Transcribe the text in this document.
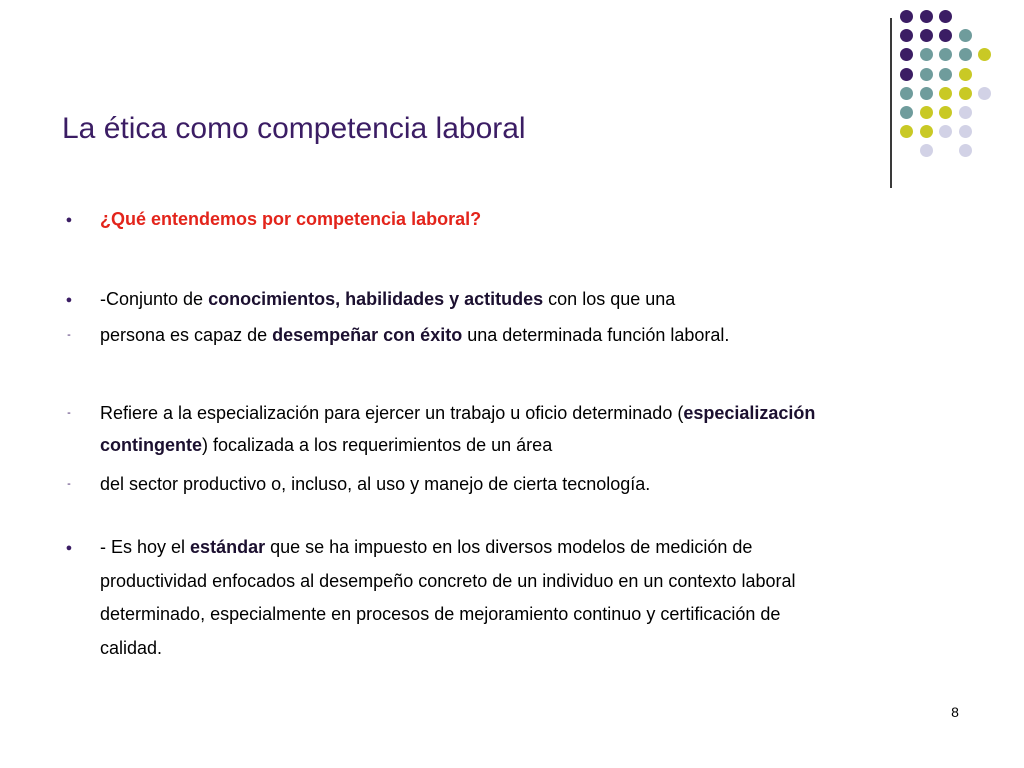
La ética como competencia laboral
●
¿Qué entendemos por competencia laboral?
●
-Conjunto de conocimientos, habilidades y actitudes con los que una
- persona es capaz de desempeñar con éxito una determinada función laboral.
- Refiere a la especialización para ejercer un trabajo u oficio determinado (especialización
contingente) focalizada a los requerimientos de un área
- del sector productivo o, incluso, al uso y manejo de cierta tecnología.
●
- Es hoy el estándar que se ha impuesto en los diversos modelos de medición de
productividad enfocados al desempeño concreto de un individuo en un contexto laboral
determinado, especialmente en procesos de mejoramiento continuo y certificación de
calidad.
8
